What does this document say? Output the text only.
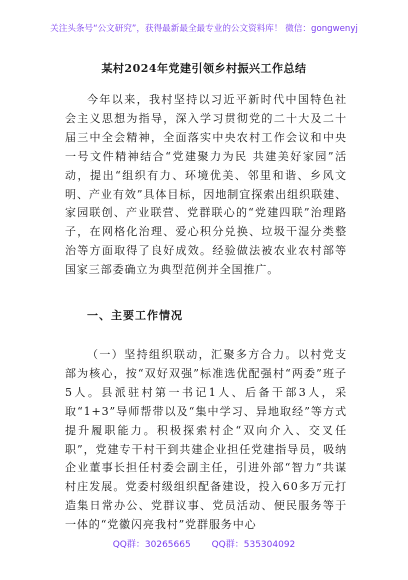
关注头条号“公文研究”，获得最新最全最专业的公文资料库！ 微信：gongwenyj
某村2024年党建引领乡村振兴工作总结

今年以来，我村坚持以习近平新时代中国特色社会主义思想为指导，深入学习贯彻党的二十大及二十届三中全会精神，全面落实中央农村工作会议和中央一号文件精神结合“党建聚力为民 共建美好家园”活动，提出“组织有力、环境优美、邻里和谐、乡风文明、产业有效”具体目标，因地制宜探索出组织联建、家园联创、产业联营、党群联心的“党建四联”治理路子，在网格化治理、爱心积分兑换、垃圾干湿分类整治等方面取得了良好成效。经验做法被农业农村部等国家三部委确立为典型范例并全国推广。

一、主要工作情况

（一）坚持组织联动，汇聚多方合力。以村党支部为核心，按“双好双强”标准选优配强村“两委”班子5人。县派驻村第一书记1人、后备干部3人，采取“1+3”导师帮带以及“集中学习、异地取经”等方式提升履职能力。积极探索村企“双向介入、交叉任职”，党建专干村干到共建企业担任党建指导员，吸纳企业董事长担任村委会副主任，引进外部“智力”共谋村庄发展。党委村级组织配备建设，投入60多万元打造集日常办公、党群议事、党员活动、便民服务等于一体的“党徽闪亮我村”党群服务中心

QQ群：30265665 QQ群：535304092
